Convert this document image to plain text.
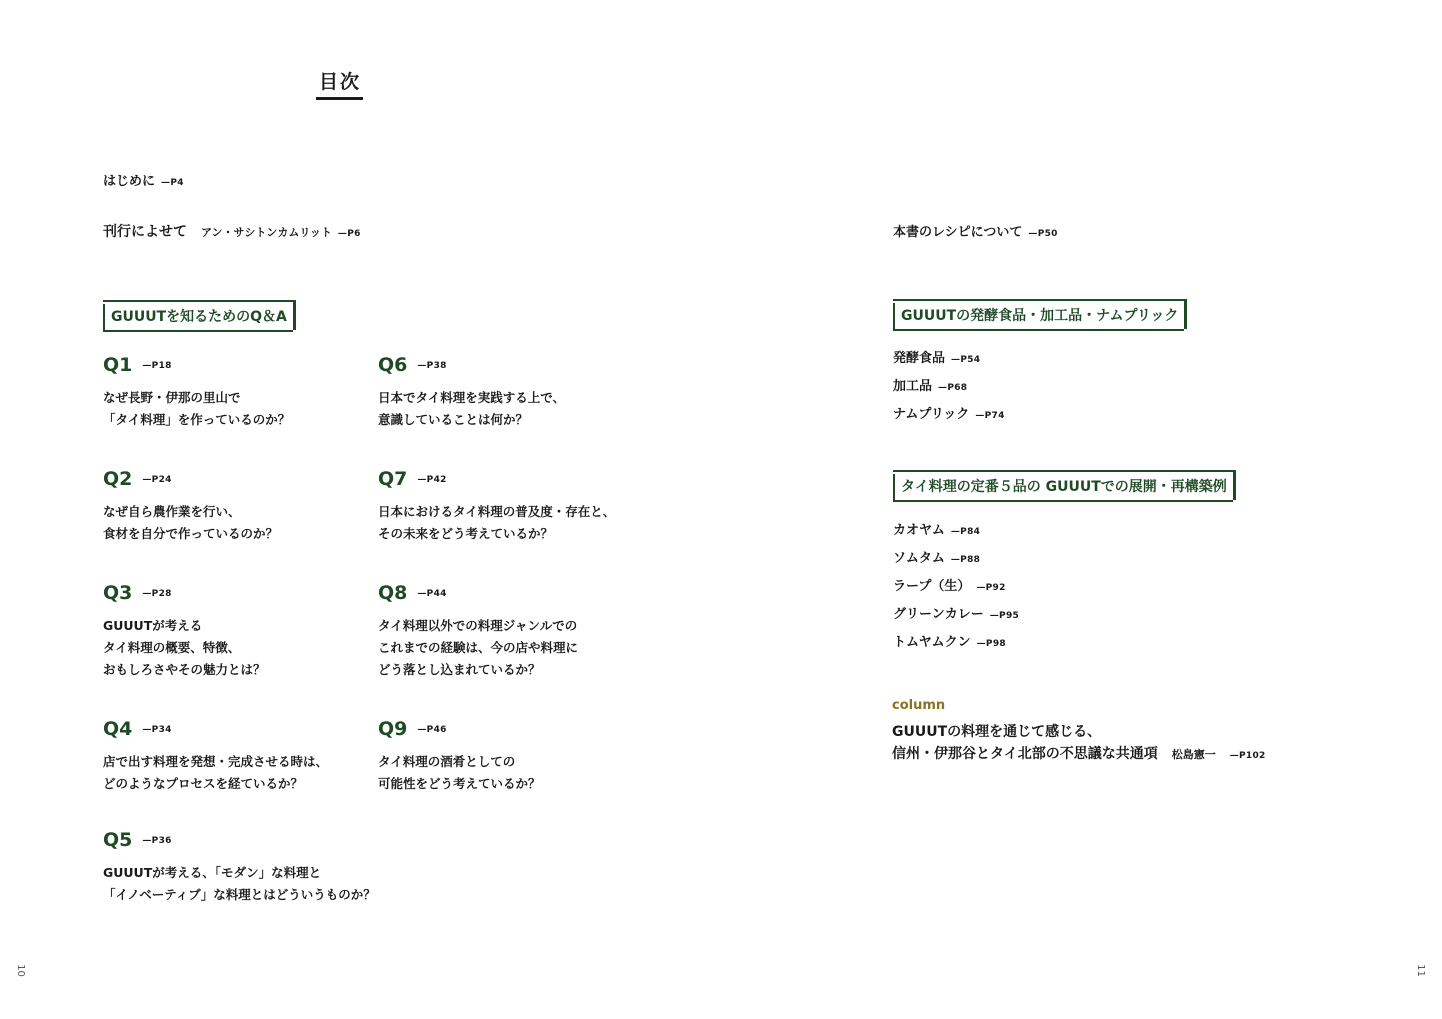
目次
はじめに —P4
刊行によせて アン・サシトンカムリット —P6
GUUUTを知るためのQ＆A
Q1 —P18
なぜ長野・伊那の里山で
「タイ料理」を作っているのか？
Q2 —P24
なぜ自ら農作業を行い、
食材を自分で作っているのか？
Q3 —P28
GUUUTが考える
タイ料理の概要、特徴、
おもしろさやその魅力とは？
Q4 —P34
店で出す料理を発想・完成させる時は、
どのようなプロセスを経ているか？
Q5 —P36
GUUUTが考える、「モダン」な料理と
「イノベーティブ」な料理とはどういうものか？
Q6 —P38
日本でタイ料理を実践する上で、
意識していることは何か？
Q7 —P42
日本におけるタイ料理の普及度・存在と、
その未来をどう考えているか？
Q8 —P44
タイ料理以外での料理ジャンルでの
これまでの経験は、今の店や料理に
どう落とし込まれているか？
Q9 —P46
タイ料理の酒肴としての
可能性をどう考えているか？
10
本書のレシピについて —P50
GUUUTの発酵食品・加工品・ナムプリック
発酵食品 —P54
加工品 —P68
ナムプリック —P74
タイ料理の定番５品の GUUUTでの展開・再構築例
カオヤム —P84
ソムタム —P88
ラープ（生） —P92
グリーンカレー —P95
トムヤムクン —P98
column
GUUUTの料理を通じて感じる、
信州・伊那谷とタイ北部の不思議な共通項 松島憲一 —P102
11
